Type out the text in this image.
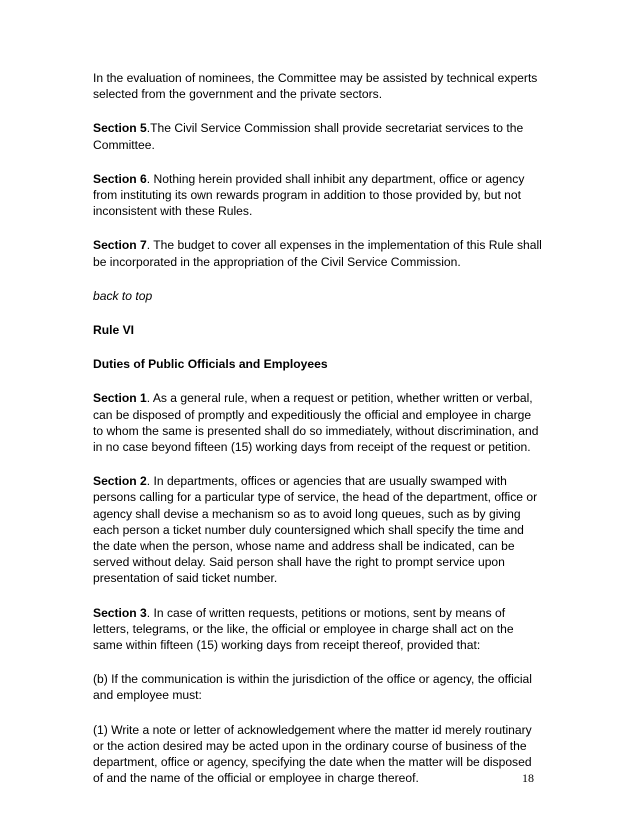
In the evaluation of nominees, the Committee may be assisted by technical experts selected from the government and the private sectors.

Section 5.The Civil Service Commission shall provide secretariat services to the Committee.

Section 6. Nothing herein provided shall inhibit any department, office or agency from instituting its own rewards program in addition to those provided by, but not inconsistent with these Rules.

Section 7. The budget to cover all expenses in the implementation of this Rule shall be incorporated in the appropriation of the Civil Service Commission.

back to top

Rule VI

Duties of Public Officials and Employees

Section 1. As a general rule, when a request or petition, whether written or verbal, can be disposed of promptly and expeditiously the official and employee in charge to whom the same is presented shall do so immediately, without discrimination, and in no case beyond fifteen (15) working days from receipt of the request or petition.

Section 2. In departments, offices or agencies that are usually swamped with persons calling for a particular type of service, the head of the department, office or agency shall devise a mechanism so as to avoid long queues, such as by giving each person a ticket number duly countersigned which shall specify the time and the date when the person, whose name and address shall be indicated, can be served without delay. Said person shall have the right to prompt service upon presentation of said ticket number.

Section 3. In case of written requests, petitions or motions, sent by means of letters, telegrams, or the like, the official or employee in charge shall act on the same within fifteen (15) working days from receipt thereof, provided that:

(b) If the communication is within the jurisdiction of the office or agency, the official and employee must:

(1) Write a note or letter of acknowledgement where the matter id merely routinary or the action desired may be acted upon in the ordinary course of business of the department, office or agency, specifying the date when the matter will be disposed of and the name of the official or employee in charge thereof.	18
